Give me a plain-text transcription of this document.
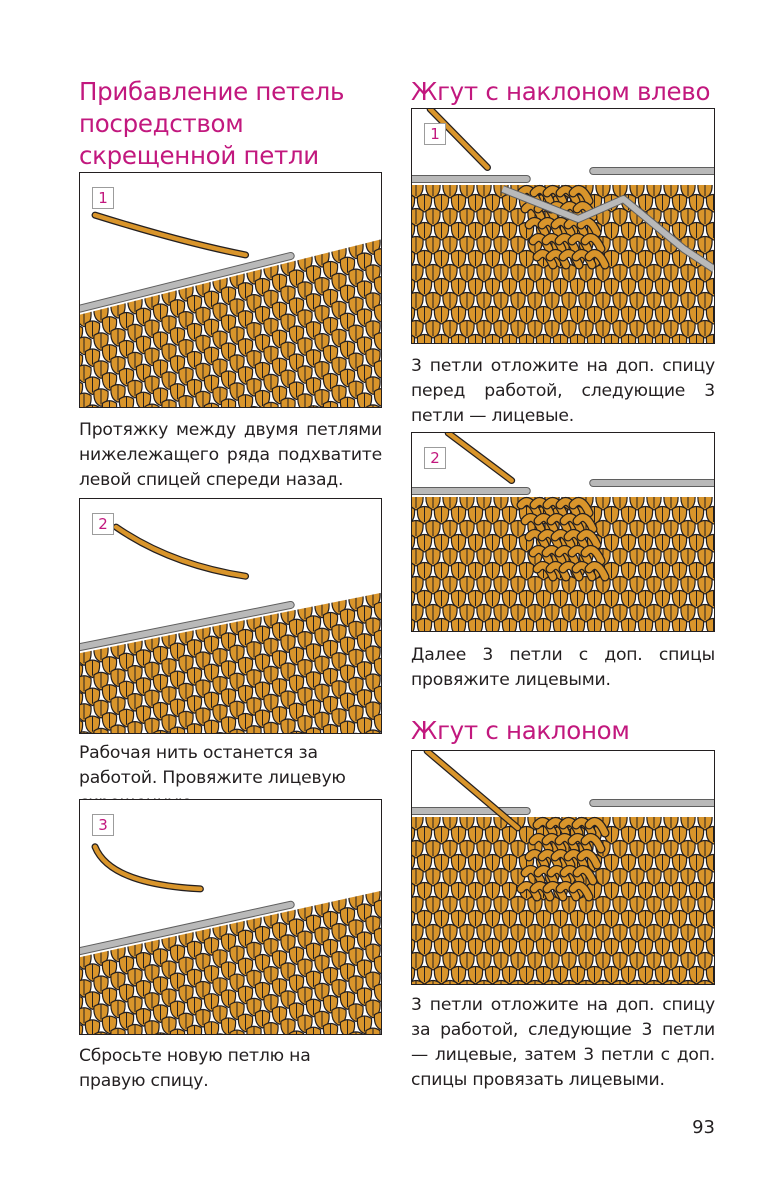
Прибавление петель посредством скрещенной петли
1

Протяжку между двумя петлями нижележащего ряда подхватите левой спицей спереди назад.

2

Рабочая нить останется за работой. Провяжите лицевую

3

Сбросьте новую петлю на правую спицу.

Жгут с наклоном влево
1

3 петли отложите на доп. спицу перед работой, следующие 3 петли — лицевые.

2

Далее 3 петли с доп. спицы провяжите лицевыми.

Жгут с наклоном

3 петли отложите на доп. спицу за работой, следующие 3 петли — лицевые, затем 3 петли с доп. спицы провязать лицевыми.

93
